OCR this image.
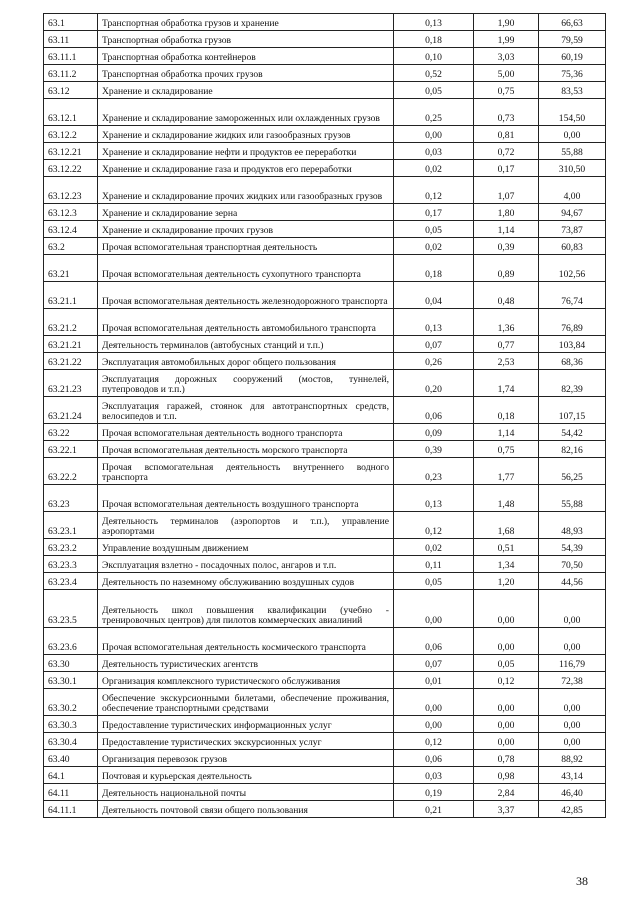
63.1	Транспортная обработка грузов и хранение	0,13	1,90	66,63
63.11	Транспортная обработка грузов	0,18	1,99	79,59
63.11.1	Транспортная обработка контейнеров	0,10	3,03	60,19
63.11.2	Транспортная обработка прочих грузов	0,52	5,00	75,36
63.12	Хранение и складирование	0,05	0,75	83,53
63.12.1	Хранение и складирование замороженных или охлажденных грузов	0,25	0,73	154,50
63.12.2	Хранение и складирование жидких или газообразных грузов	0,00	0,81	0,00
63.12.21	Хранение и складирование нефти и продуктов ее переработки	0,03	0,72	55,88
63.12.22	Хранение и складирование газа и продуктов его переработки	0,02	0,17	310,50
63.12.23	Хранение и складирование прочих жидких или газообразных грузов	0,12	1,07	4,00
63.12.3	Хранение и складирование зерна	0,17	1,80	94,67
63.12.4	Хранение и складирование прочих грузов	0,05	1,14	73,87
63.2	Прочая вспомогательная транспортная деятельность	0,02	0,39	60,83
63.21	Прочая вспомогательная деятельность сухопутного транспорта	0,18	0,89	102,56
63.21.1	Прочая вспомогательная деятельность железнодорожного транспорта	0,04	0,48	76,74
63.21.2	Прочая вспомогательная деятельность автомобильного транспорта	0,13	1,36	76,89
63.21.21	Деятельность терминалов (автобусных станций и т.п.)	0,07	0,77	103,84
63.21.22	Эксплуатация автомобильных дорог общего пользования	0,26	2,53	68,36
63.21.23	Эксплуатация дорожных сооружений (мостов, туннелей, путепроводов и т.п.)	0,20	1,74	82,39
63.21.24	Эксплуатация гаражей, стоянок для автотранспортных средств, велосипедов и т.п.	0,06	0,18	107,15
63.22	Прочая вспомогательная деятельность водного транспорта	0,09	1,14	54,42
63.22.1	Прочая вспомогательная деятельность морского транспорта	0,39	0,75	82,16
63.22.2	Прочая вспомогательная деятельность внутреннего водного транспорта	0,23	1,77	56,25
63.23	Прочая вспомогательная деятельность воздушного транспорта	0,13	1,48	55,88
63.23.1	Деятельность терминалов (аэропортов и т.п.), управление аэропортами	0,12	1,68	48,93
63.23.2	Управление воздушным движением	0,02	0,51	54,39
63.23.3	Эксплуатация взлетно - посадочных полос, ангаров и т.п.	0,11	1,34	70,50
63.23.4	Деятельность по наземному обслуживанию воздушных судов	0,05	1,20	44,56
63.23.5	Деятельность школ повышения квалификации (учебно - тренировочных центров) для пилотов коммерческих авиалиний	0,00	0,00	0,00
63.23.6	Прочая вспомогательная деятельность космического транспорта	0,06	0,00	0,00
63.30	Деятельность туристических агентств	0,07	0,05	116,79
63.30.1	Организация комплексного туристического обслуживания	0,01	0,12	72,38
63.30.2	Обеспечение экскурсионными билетами, обеспечение проживания, обеспечение транспортными средствами	0,00	0,00	0,00
63.30.3	Предоставление туристических информационных услуг	0,00	0,00	0,00
63.30.4	Предоставление туристических экскурсионных услуг	0,12	0,00	0,00
63.40	Организация перевозок грузов	0,06	0,78	88,92
64.1	Почтовая и курьерская деятельность	0,03	0,98	43,14
64.11	Деятельность национальной почты	0,19	2,84	46,40
64.11.1	Деятельность почтовой связи общего пользования	0,21	3,37	42,85
38
